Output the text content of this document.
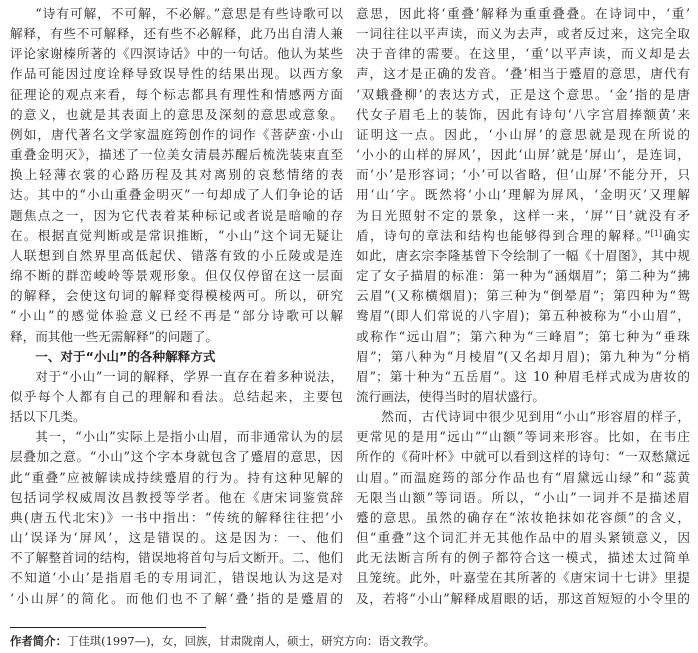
“诗有可解，不可解，不必解。”意思是有些诗歌可以
解释，有些不可解释，还有些不必解释，此乃出自清人兼
评论家谢榛所著的《四溟诗话》中的一句话。他认为某些
作品可能因过度诠释导致误导性的结果出现。以西方象
征理论的观点来看，每个标志都具有理性和情感两方面
的意义，也就是其表面上的意思及深刻的意思或意象。
例如，唐代著名文学家温庭筠创作的词作《菩萨蛮·小山
重叠金明灭》，描述了一位美女清晨苏醒后梳洗装束直至
换上轻薄衣裳的心路历程及其对离别的哀愁情绪的表
达。其中的“小山重叠金明灭”一句却成了人们争论的话
题焦点之一，因为它代表着某种标记或者说是暗喻的存
在。根据直觉判断或是常识推断，“小山”这个词无疑让
人联想到自然界里高低起伏、错落有致的小丘陵或是连
绵不断的群峦峻岭等景观形象。但仅仅停留在这一层面
的解释，会使这句词的解释变得模棱两可。所以，研究
“小山”的感觉体验意义已经不再是“部分诗歌可以解
释，而其他一些无需解释”的问题了。
一、对于“小山”的各种解释方式
对于“小山”一词的解释，学界一直存在着多种说法，
似乎每个人都有自己的理解和看法。总结起来，主要包
括以下几类。
其一，“小山”实际上是指小山眉，而非通常认为的层
层叠加之意。“小山”这个字本身就包含了蹙眉的意思，因
此“重叠”应被解读成持续蹙眉的行为。持有这种见解的
包括词学权威周汝昌教授等学者。他在《唐宋词鉴赏辞
典(唐五代北宋)》一书中指出：“传统的解释往往把‘小
山’误译为‘屏风’，这是错误的。这是因为：一、他们
不了解整首词的结构，错误地将首句与后文断开。二、他们
不知道‘小山’是指眉毛的专用词汇，错误地认为这是对
‘小山屏’的简化。而他们也不了解‘叠’指的是蹙眉的
意思，因此将‘重叠’解释为重重叠叠。在诗词中，‘重’
一词往往以平声读，而义为去声，或者反过来，这完全取
决于音律的需要。在这里，‘重’以平声读，而义却是去
声，这才是正确的发音。‘叠’相当于蹙眉的意思，唐代有
‘双蛾叠柳’的表达方式，正是这个意思。‘金’指的是唐
代女子眉毛上的装饰，因此有诗句‘八字宫眉捧额黄’来
证明这一点。因此，‘小山屏’的意思就是现在所说的
‘小小的山样的屏风’，因此‘山屏’就是‘屏山’，是连词，
而‘小’是形容词；‘小’可以省略，但‘山屏’不能分开，只
用‘山’字。既然将‘小山’理解为屏风，‘金明灭’又理解
为日光照射不定的景象，这样一来，‘屏’‘日’就没有矛
盾，诗句的章法和结构也能够得到合理的解释。”[1]确实
如此，唐玄宗李隆基曾下令绘制了一幅《十眉图》，其中规
定了女子描眉的标准：第一种为“涵烟眉”；第二种为“拂
云眉”(又称横烟眉)；第三种为“倒晕眉”；第四种为“鸳
鸯眉”(即人们常说的八字眉)；第五种被称为“小山眉”，
或称作“远山眉”；第六种为“三峰眉”；第七种为“垂珠
眉”；第八种为“月棱眉”(又名却月眉)；第九种为“分梢
眉”；第十种为“五岳眉”。这 10 种眉毛样式成为唐妆的
流行画法，使得当时的眉状盛行。
然而，古代诗词中很少见到用“小山”形容眉的样子，
更常见的是用“远山”“山额”等词来形容。比如，在韦庄
所作的《荷叶杯》中就可以看到这样的诗句：“一双愁黛远
山眉。”而温庭筠的部分作品也有“眉黛远山绿”和“蕊黄
无限当山额”等词语。所以，“小山”一词并不是描述眉
蹙的意思。虽然的确存在“浓妆艳抹如花容颜”的含义，
但“重叠”这个词汇并无其他作品中的眉头紧锁意义，因
此无法断言所有的例子都符合这一模式，描述太过简单
且笼统。此外，叶嘉莹在其所著的《唐宋词十七讲》里提
及，若将“小山”解释成眉眼的话，那这首短短的小令里的
作者简介：丁佳琪(1997—)，女，回族，甘肃陇南人，硕士，研究方向：语文教学。
